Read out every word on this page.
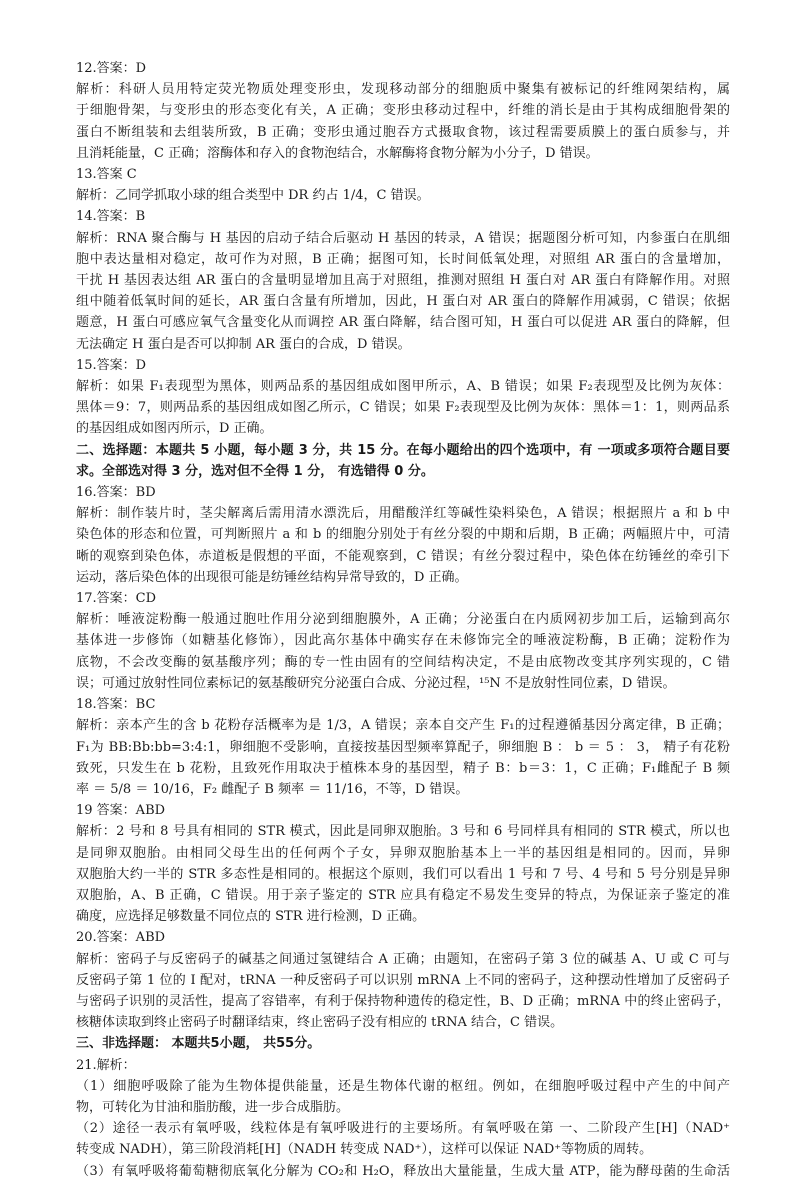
12.答案：D
解析：科研人员用特定荧光物质处理变形虫，发现移动部分的细胞质中聚集有被标记的纤维网架结构，属
于细胞骨架，与变形虫的形态变化有关，A 正确；变形虫移动过程中，纤维的消长是由于其构成细胞骨架的
蛋白不断组装和去组装所致，B 正确；变形虫通过胞吞方式摄取食物，该过程需要质膜上的蛋白质参与，并
且消耗能量，C 正确；溶酶体和存入的食物泡结合，水解酶将食物分解为小分子，D 错误。
13.答案 C
解析：乙同学抓取小球的组合类型中 DR 约占 1/4，C 错误。
14.答案：B
解析：RNA 聚合酶与 H 基因的启动子结合后驱动 H 基因的转录，A 错误；据题图分析可知，内参蛋白在肌细
胞中表达量相对稳定，故可作为对照，B 正确；据图可知，长时间低氧处理，对照组 AR 蛋白的含量增加，
干扰 H 基因表达组 AR 蛋白的含量明显增加且高于对照组，推测对照组 H 蛋白对 AR 蛋白有降解作用。对照
组中随着低氧时间的延长，AR 蛋白含量有所增加，因此，H 蛋白对 AR 蛋白的降解作用减弱，C 错误；依据
题意，H 蛋白可感应氧气含量变化从而调控 AR 蛋白降解，结合图可知，H 蛋白可以促进 AR 蛋白的降解，但
无法确定 H 蛋白是否可以抑制 AR 蛋白的合成，D 错误。
15.答案：D
解析：如果 F₁表现型为黑体，则两品系的基因组成如图甲所示，A、B 错误；如果 F₂表现型及比例为灰体：
黑体＝9：7，则两品系的基因组成如图乙所示，C 错误；如果 F₂表现型及比例为灰体：黑体＝1：1，则两品系
的基因组成如图丙所示，D 正确。
二、选择题：本题共 5 小题，每小题 3 分，共 15 分。在每小题给出的四个选项中，有 一项或多项符合题目要
求。全部选对得 3 分，选对但不全得 1 分， 有选错得 0 分。
16.答案：BD
解析：制作装片时，茎尖解离后需用清水漂洗后，用醋酸洋红等碱性染料染色，A 错误；根据照片 a 和 b 中
染色体的形态和位置，可判断照片 a 和 b 的细胞分别处于有丝分裂的中期和后期，B 正确；两幅照片中，可清
晰的观察到染色体，赤道板是假想的平面，不能观察到，C 错误；有丝分裂过程中，染色体在纺锤丝的牵引下
运动，落后染色体的出现很可能是纺锤丝结构异常导致的，D 正确。
17.答案：CD
解析：唾液淀粉酶一般通过胞吐作用分泌到细胞膜外，A 正确；分泌蛋白在内质网初步加工后，运输到高尔
基体进一步修饰（如糖基化修饰），因此高尔基体中确实存在未修饰完全的唾液淀粉酶，B 正确；淀粉作为
底物，不会改变酶的氨基酸序列；酶的专一性由固有的空间结构决定，不是由底物改变其序列实现的，C 错
误；可通过放射性同位素标记的氨基酸研究分泌蛋白合成、分泌过程，¹⁵N 不是放射性同位素，D 错误。
18.答案：BC
解析：亲本产生的含 b 花粉存活概率为是 1/3，A 错误；亲本自交产生 F₁的过程遵循基因分离定律，B 正确；
F₁为 BB:Bb:bb=3:4:1，卵细胞不受影响，直接按基因型频率算配子，卵细胞 B ： b ＝ 5 ： 3， 精子有花粉
致死，只发生在 b 花粉，且致死作用取决于植株本身的基因型，精子 B：b＝3：1，C 正确；F₁雌配子 B 频
率 ＝ 5/8 ＝ 10/16，F₂ 雌配子 B 频率 ＝ 11/16，不等，D 错误。
19 答案：ABD
解析：2 号和 8 号具有相同的 STR 模式，因此是同卵双胞胎。3 号和 6 号同样具有相同的 STR 模式，所以也
是同卵双胞胎。由相同父母生出的任何两个子女，异卵双胞胎基本上一半的基因组是相同的。因而，异卵
双胞胎大约一半的 STR 多态性是相同的。根据这个原则，我们可以看出 1 号和 7 号、4 号和 5 号分别是异卵
双胞胎，A、B 正确，C 错误。用于亲子鉴定的 STR 应具有稳定不易发生变异的特点，为保证亲子鉴定的准
确度，应选择足够数量不同位点的 STR 进行检测，D 正确。
20.答案：ABD
解析：密码子与反密码子的碱基之间通过氢键结合 A 正确；由题知，在密码子第 3 位的碱基 A、U 或 C 可与
反密码子第 1 位的 I 配对，tRNA 一种反密码子可以识别 mRNA 上不同的密码子，这种摆动性增加了反密码子
与密码子识别的灵活性，提高了容错率，有利于保持物种遗传的稳定性，B、D 正确；mRNA 中的终止密码子，
核糖体读取到终止密码子时翻译结束，终止密码子没有相应的 tRNA 结合，C 错误。
三、非选择题： 本题共5小题， 共55分。
21.解析：
（1）细胞呼吸除了能为生物体提供能量，还是生物体代谢的枢纽。例如，在细胞呼吸过程中产生的中间产
物，可转化为甘油和脂肪酸，进一步合成脂肪。
（2）途径一表示有氧呼吸，线粒体是有氧呼吸进行的主要场所。有氧呼吸在第 一、二阶段产生[H]（NAD⁺
转变成 NADH），第三阶段消耗[H]（NADH 转变成 NAD⁺），这样可以保证 NAD⁺等物质的周转。
（3）有氧呼吸将葡萄糖彻底氧化分解为 CO₂和 H₂O，释放出大量能量，生成大量 ATP，能为酵母菌的生命活
